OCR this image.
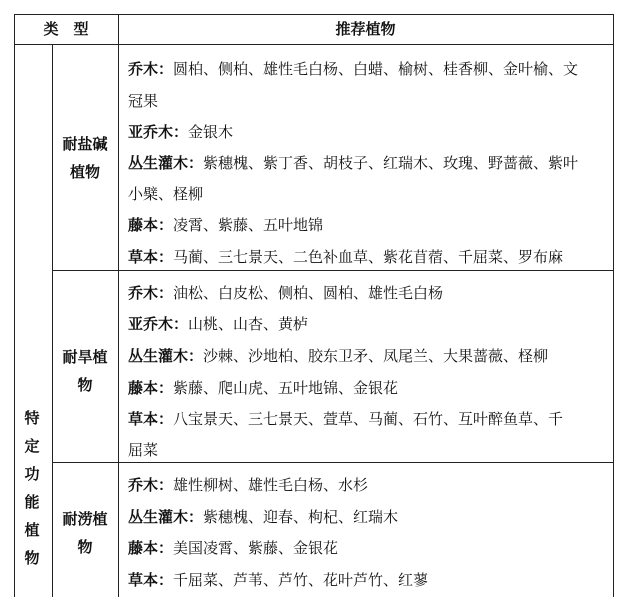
类　型	推荐植物
特
定
功
能
植
物
耐盐碱
植物
耐旱植
物
耐涝植
物
乔木：圆柏、侧柏、雄性毛白杨、白蜡、榆树、桂香柳、金叶榆、文
冠果
亚乔木：金银木
丛生灌木：紫穗槐、紫丁香、胡枝子、红瑞木、玫瑰、野蔷薇、紫叶
小檗、柽柳
藤本：凌霄、紫藤、五叶地锦
草本：马蔺、三七景天、二色补血草、紫花苜蓿、千屈菜、罗布麻
乔木：油松、白皮松、侧柏、圆柏、雄性毛白杨
亚乔木：山桃、山杏、黄栌
丛生灌木：沙棘、沙地柏、胶东卫矛、凤尾兰、大果蔷薇、柽柳
藤本：紫藤、爬山虎、五叶地锦、金银花
草本：八宝景天、三七景天、萱草、马蔺、石竹、互叶醉鱼草、千
屈菜
乔木：雄性柳树、雄性毛白杨、水杉
丛生灌木：紫穗槐、迎春、枸杞、红瑞木
藤本：美国凌霄、紫藤、金银花
草本：千屈菜、芦苇、芦竹、花叶芦竹、红蓼
